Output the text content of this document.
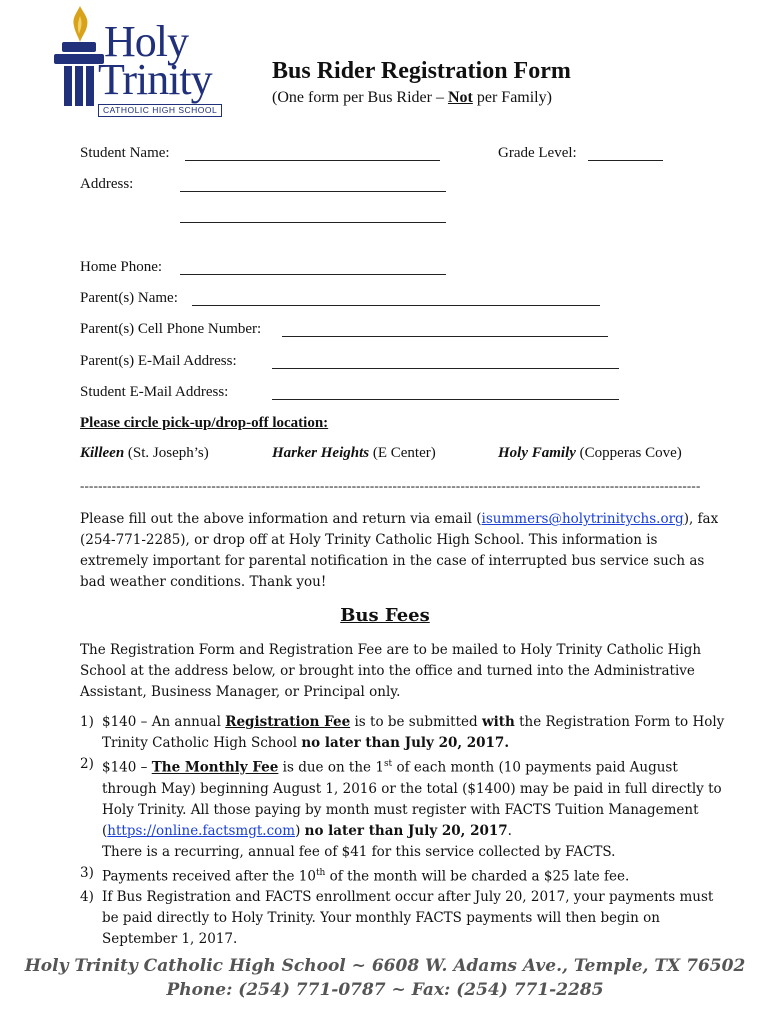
Holy
Trinity
CATHOLIC HIGH SCHOOL
Bus Rider Registration Form
(One form per Bus Rider – Not per Family)
Student Name:	Grade Level:
Address:
Home Phone:
Parent(s) Name:
Parent(s) Cell Phone Number:
Parent(s) E-Mail Address:
Student E-Mail Address:
Please circle pick-up/drop-off location:
Killeen (St. Joseph’s)	Harker Heights (E Center)	Holy Family (Copperas Cove)
-----------------------------------------------------------------------------------------------------------------------------------------
Please fill out the above information and return via email (isummers@holytrinitychs.org), fax (254-771-2285), or drop off at Holy Trinity Catholic High School. This information is extremely important for parental notification in the case of interrupted bus service such as bad weather conditions. Thank you!
Bus Fees
The Registration Form and Registration Fee are to be mailed to Holy Trinity Catholic High School at the address below, or brought into the office and turned into the Administrative Assistant, Business Manager, or Principal only.
1) $140 – An annual Registration Fee is to be submitted with the Registration Form to Holy Trinity Catholic High School no later than July 20, 2017.
2) $140 – The Monthly Fee is due on the 1st of each month (10 payments paid August through May) beginning August 1, 2016 or the total ($1400) may be paid in full directly to Holy Trinity. All those paying by month must register with FACTS Tuition Management (https://online.factsmgt.com) no later than July 20, 2017.
There is a recurring, annual fee of $41 for this service collected by FACTS.
3) Payments received after the 10th of the month will be charded a $25 late fee.
4) If Bus Registration and FACTS enrollment occur after July 20, 2017, your payments must be paid directly to Holy Trinity. Your monthly FACTS payments will then begin on September 1, 2017.
Holy Trinity Catholic High School ~ 6608 W. Adams Ave., Temple, TX 76502
Phone: (254) 771-0787 ~ Fax: (254) 771-2285
